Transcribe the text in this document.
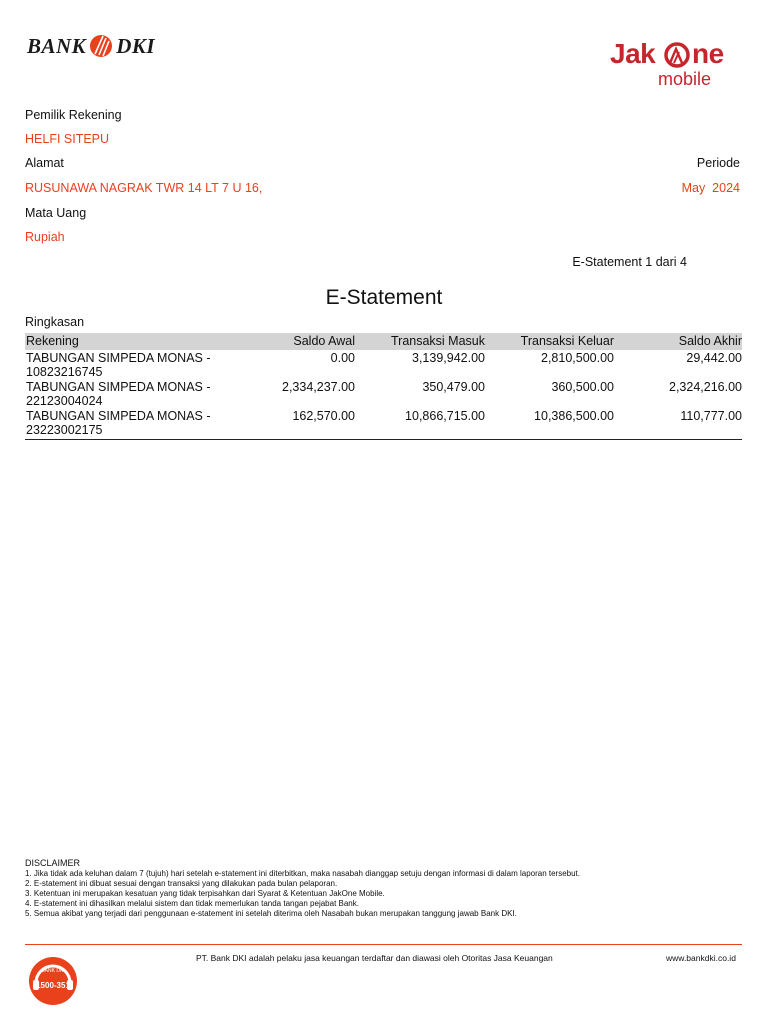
BANK DKI	Jak ne
mobile
Pemilik Rekening
HELFI SITEPU
Alamat
RUSUNAWA NAGRAK TWR 14 LT 7 U 16,
Mata Uang
Rupiah
Periode
May  2024
E-Statement 1 dari 4
E-Statement
Ringkasan
Rekening	Saldo Awal	Transaksi Masuk	Transaksi Keluar	Saldo Akhir

TABUNGAN SIMPEDA MONAS -
10823216745	0.00	3,139,942.00	2,810,500.00	29,442.00

TABUNGAN SIMPEDA MONAS -
22123004024	2,334,237.00	350,479.00	360,500.00	2,324,216.00

TABUNGAN SIMPEDA MONAS -
23223002175	162,570.00	10,866,715.00	10,386,500.00	110,777.00
DISCLAIMER
1. Jika tidak ada keluhan dalam 7 (tujuh) hari setelah e-statement ini diterbitkan, maka nasabah dianggap setuju dengan informasi di dalam laporan tersebut.
2. E-statement ini dibuat sesuai dengan transaksi yang dilakukan pada bulan pelaporan.
3. Ketentuan ini merupakan kesatuan yang tidak terpisahkan dari Syarat & Ketentuan JakOne Mobile.
4. E-statement ini dihasilkan melalui sistem dan tidak memerlukan tanda tangan pejabat Bank.
5. Semua akibat yang terjadi dari penggunaan e-statement ini setelah diterima oleh Nasabah bukan merupakan tanggung jawab Bank DKI.
BANK DKI
1500-351
PT. Bank DKI adalah pelaku jasa keuangan terdaftar dan diawasi oleh Otoritas Jasa Keuangan	www.bankdki.co.id
